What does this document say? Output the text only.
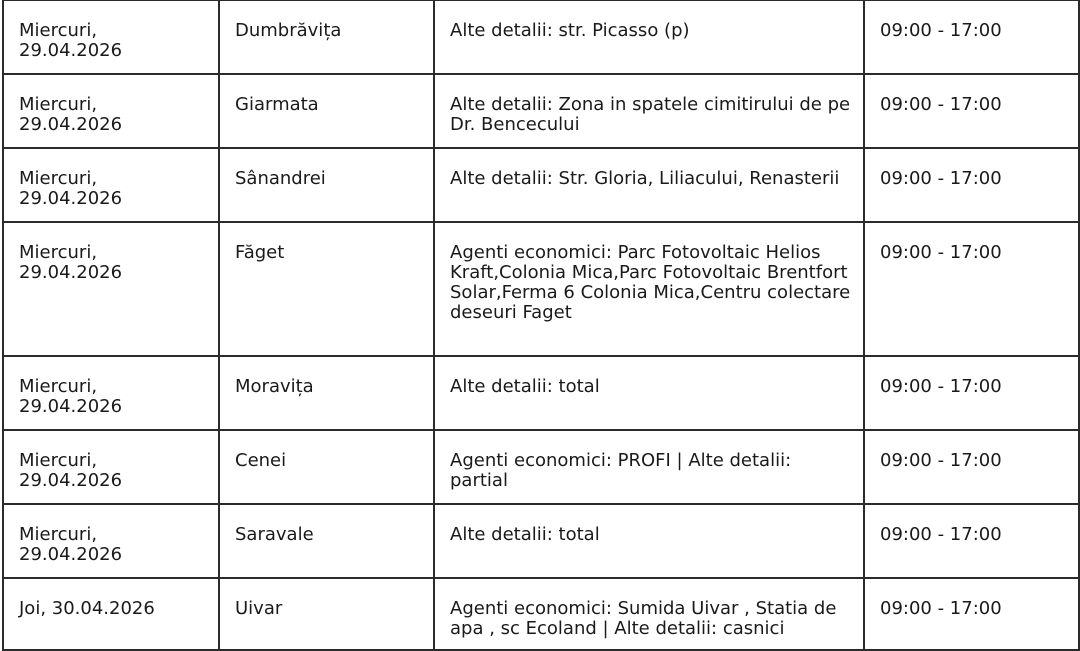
Miercuri, 29.04.2026	Dumbrăvița	Alte detalii: str. Picasso (p)	09:00 - 17:00
Miercuri, 29.04.2026	Giarmata	Alte detalii: Zona in spatele cimitirului de pe Dr. Bencecului	09:00 - 17:00
Miercuri, 29.04.2026	Sânandrei	Alte detalii: Str. Gloria, Liliacului, Renasterii	09:00 - 17:00
Miercuri, 29.04.2026	Făget	Agenti economici: Parc Fotovoltaic Helios Kraft,Colonia Mica,Parc Fotovoltaic Brentfort Solar,Ferma 6 Colonia Mica,Centru colectare deseuri Faget	09:00 - 17:00
Miercuri, 29.04.2026	Moravița	Alte detalii: total	09:00 - 17:00
Miercuri, 29.04.2026	Cenei	Agenti economici: PROFI | Alte detalii: partial	09:00 - 17:00
Miercuri, 29.04.2026	Saravale	Alte detalii: total	09:00 - 17:00
Joi, 30.04.2026	Uivar	Agenti economici: Sumida Uivar , Statia de apa , sc Ecoland | Alte detalii: casnici	09:00 - 17:00
